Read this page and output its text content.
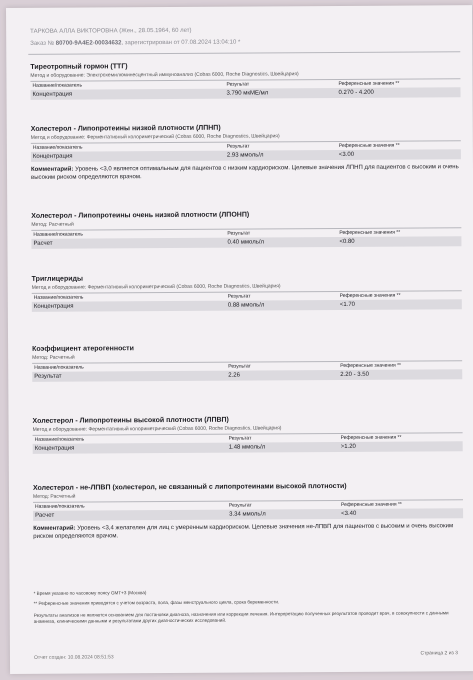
ТАРКОВА АЛЛА ВИКТОРОВНА (Жен., 28.05.1964, 60 лет)
Заказ № 80700-9A4E2-00034632, зарегистрирован от 07.08.2024 13:04:10 *
Тиреотропный гормон (ТТГ)
Метод и оборудование: Электрохемилюминесцентный иммуноанализ (Cobas 6000, Roche Diagnostics, Швейцария)
Название/показатель	Результат	Референсные значения **
Концентрация	3.790 мкМЕ/мл	0.270 - 4.200
Холестерол - Липопротеины низкой плотности (ЛПНП)
Метод и оборудование: Ферментативный колориметрический (Cobas 6000, Roche Diagnostics, Швейцария)
Название/показатель	Результат	Референсные значения **
Концентрация	2.93 ммоль/л	<3.00
Комментарий: Уровень <3,0 является оптимальным для пациентов с низким кардиориском. Целевые значения ЛПНП для пациентов с высоким и очень высоким риском определяются врачом.
Холестерол - Липопротеины очень низкой плотности (ЛПОНП)
Метод: Расчетный
Название/показатель	Результат	Референсные значения **
Расчет	0.40 ммоль/л	<0.80
Триглицериды
Метод и оборудование: Ферментативный колориметрический (Cobas 6000, Roche Diagnostics, Швейцария)
Название/показатель	Результат	Референсные значения **
Концентрация	0.88 ммоль/л	<1.70
Коэффициент атерогенности
Метод: Расчетный
Название/показатель	Результат	Референсные значения **
Результат	2.26	2.20 - 3.50
Холестерол - Липопротеины высокой плотности (ЛПВП)
Метод и оборудование: Ферментативный колориметрический (Cobas 6000, Roche Diagnostics, Швейцария)
Название/показатель	Результат	Референсные значения **
Концентрация	1.48 ммоль/л	>1.20
Холестерол - не-ЛПВП (холестерол, не связанный с липопротеинами высокой плотности)
Метод: Расчетный
Название/показатель	Результат	Референсные значения **
Расчет	3.34 ммоль/л	<3.40
Комментарий: Уровень <3,4 желателен для лиц с умеренным кардиориском. Целевые значения не-ЛПВП для пациентов с высоким и очень высоким риском определяются врачом.
* Время указано по часовому поясу GMT+3 (Москва)
** Референсные значения приводятся с учетом возраста, пола, фазы менструального цикла, срока беременности.
Результаты анализов не являются основанием для постановки диагноза, назначения или коррекции лечения. Интерпретацию полученных результатов проводит врач, в совокупности с данными анамнеза, клиническими данными и результатами других диагностических исследований.
Отчет создан: 10.08.2024 08:51:53
Страница 2 из 3
